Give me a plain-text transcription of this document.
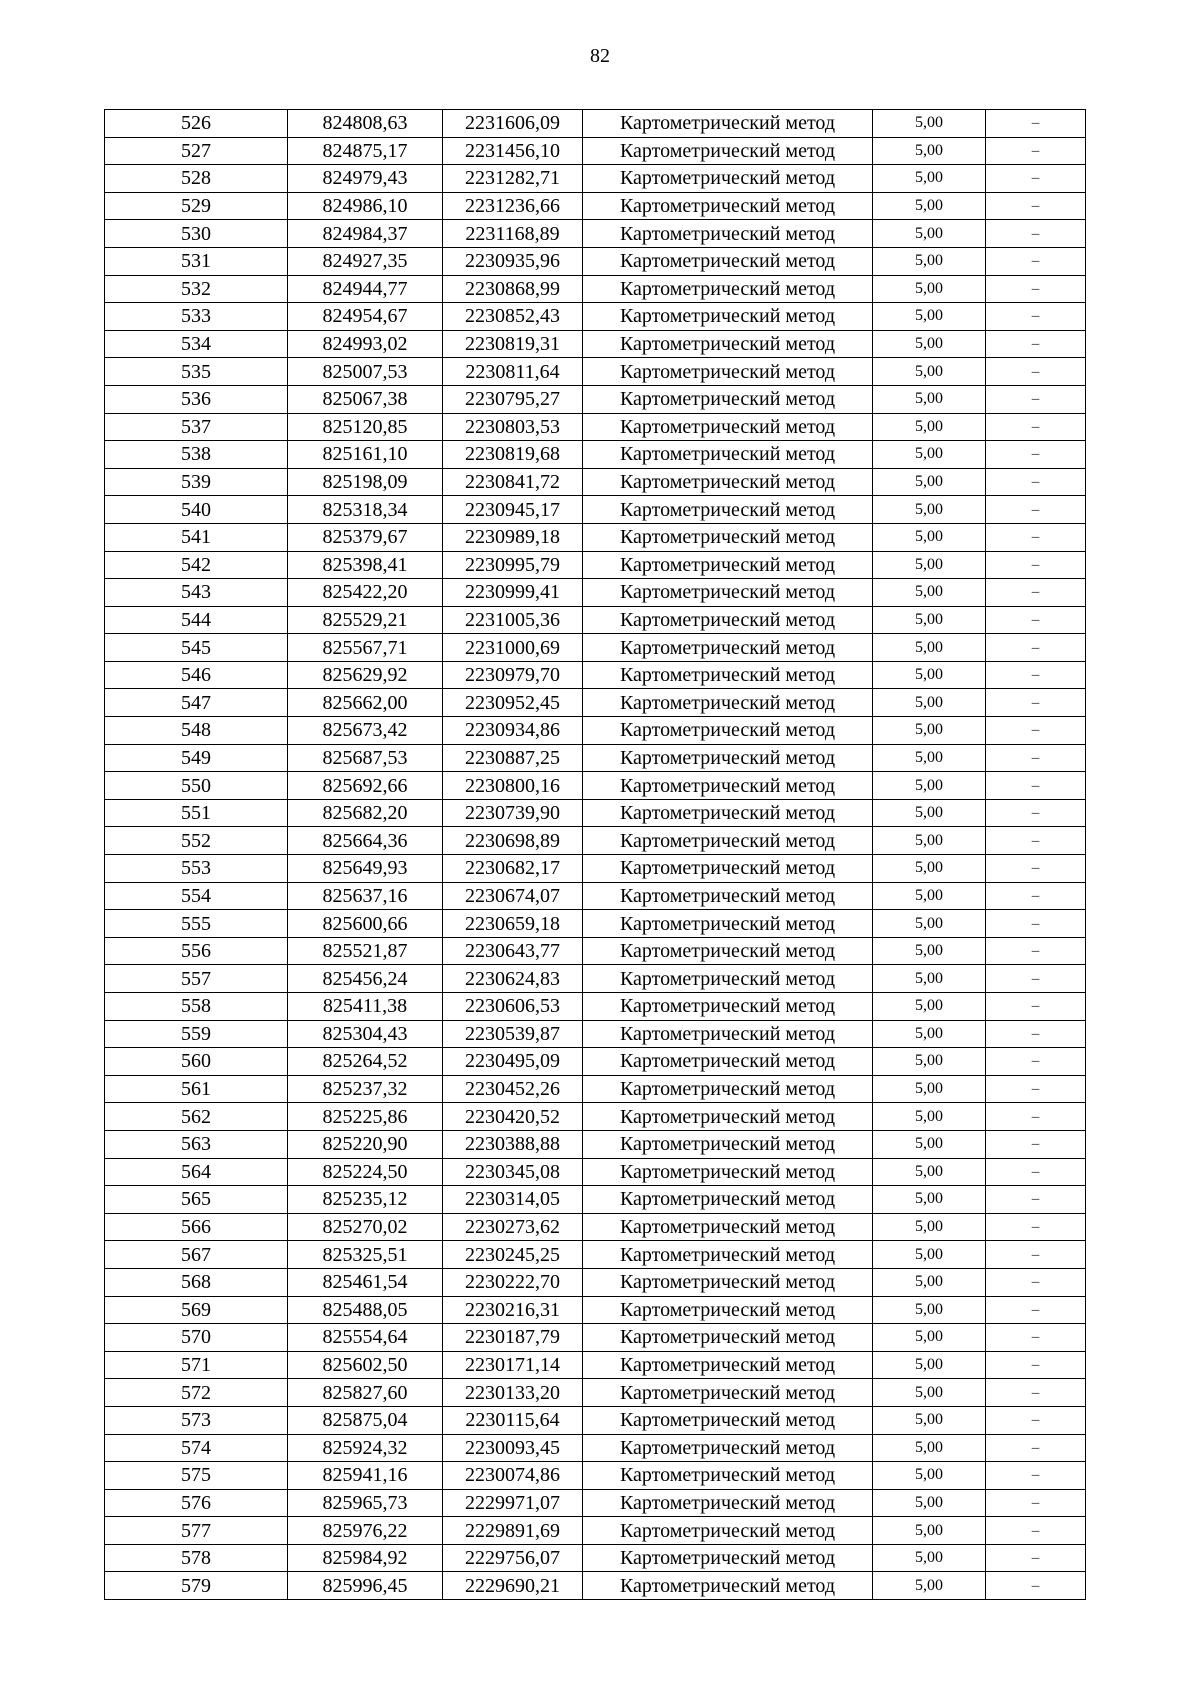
82
526	824808,63	2231606,09	Картометрический метод	5,00	–
527	824875,17	2231456,10	Картометрический метод	5,00	–
528	824979,43	2231282,71	Картометрический метод	5,00	–
529	824986,10	2231236,66	Картометрический метод	5,00	–
530	824984,37	2231168,89	Картометрический метод	5,00	–
531	824927,35	2230935,96	Картометрический метод	5,00	–
532	824944,77	2230868,99	Картометрический метод	5,00	–
533	824954,67	2230852,43	Картометрический метод	5,00	–
534	824993,02	2230819,31	Картометрический метод	5,00	–
535	825007,53	2230811,64	Картометрический метод	5,00	–
536	825067,38	2230795,27	Картометрический метод	5,00	–
537	825120,85	2230803,53	Картометрический метод	5,00	–
538	825161,10	2230819,68	Картометрический метод	5,00	–
539	825198,09	2230841,72	Картометрический метод	5,00	–
540	825318,34	2230945,17	Картометрический метод	5,00	–
541	825379,67	2230989,18	Картометрический метод	5,00	–
542	825398,41	2230995,79	Картометрический метод	5,00	–
543	825422,20	2230999,41	Картометрический метод	5,00	–
544	825529,21	2231005,36	Картометрический метод	5,00	–
545	825567,71	2231000,69	Картометрический метод	5,00	–
546	825629,92	2230979,70	Картометрический метод	5,00	–
547	825662,00	2230952,45	Картометрический метод	5,00	–
548	825673,42	2230934,86	Картометрический метод	5,00	–
549	825687,53	2230887,25	Картометрический метод	5,00	–
550	825692,66	2230800,16	Картометрический метод	5,00	–
551	825682,20	2230739,90	Картометрический метод	5,00	–
552	825664,36	2230698,89	Картометрический метод	5,00	–
553	825649,93	2230682,17	Картометрический метод	5,00	–
554	825637,16	2230674,07	Картометрический метод	5,00	–
555	825600,66	2230659,18	Картометрический метод	5,00	–
556	825521,87	2230643,77	Картометрический метод	5,00	–
557	825456,24	2230624,83	Картометрический метод	5,00	–
558	825411,38	2230606,53	Картометрический метод	5,00	–
559	825304,43	2230539,87	Картометрический метод	5,00	–
560	825264,52	2230495,09	Картометрический метод	5,00	–
561	825237,32	2230452,26	Картометрический метод	5,00	–
562	825225,86	2230420,52	Картометрический метод	5,00	–
563	825220,90	2230388,88	Картометрический метод	5,00	–
564	825224,50	2230345,08	Картометрический метод	5,00	–
565	825235,12	2230314,05	Картометрический метод	5,00	–
566	825270,02	2230273,62	Картометрический метод	5,00	–
567	825325,51	2230245,25	Картометрический метод	5,00	–
568	825461,54	2230222,70	Картометрический метод	5,00	–
569	825488,05	2230216,31	Картометрический метод	5,00	–
570	825554,64	2230187,79	Картометрический метод	5,00	–
571	825602,50	2230171,14	Картометрический метод	5,00	–
572	825827,60	2230133,20	Картометрический метод	5,00	–
573	825875,04	2230115,64	Картометрический метод	5,00	–
574	825924,32	2230093,45	Картометрический метод	5,00	–
575	825941,16	2230074,86	Картометрический метод	5,00	–
576	825965,73	2229971,07	Картометрический метод	5,00	–
577	825976,22	2229891,69	Картометрический метод	5,00	–
578	825984,92	2229756,07	Картометрический метод	5,00	–
579	825996,45	2229690,21	Картометрический метод	5,00	–
